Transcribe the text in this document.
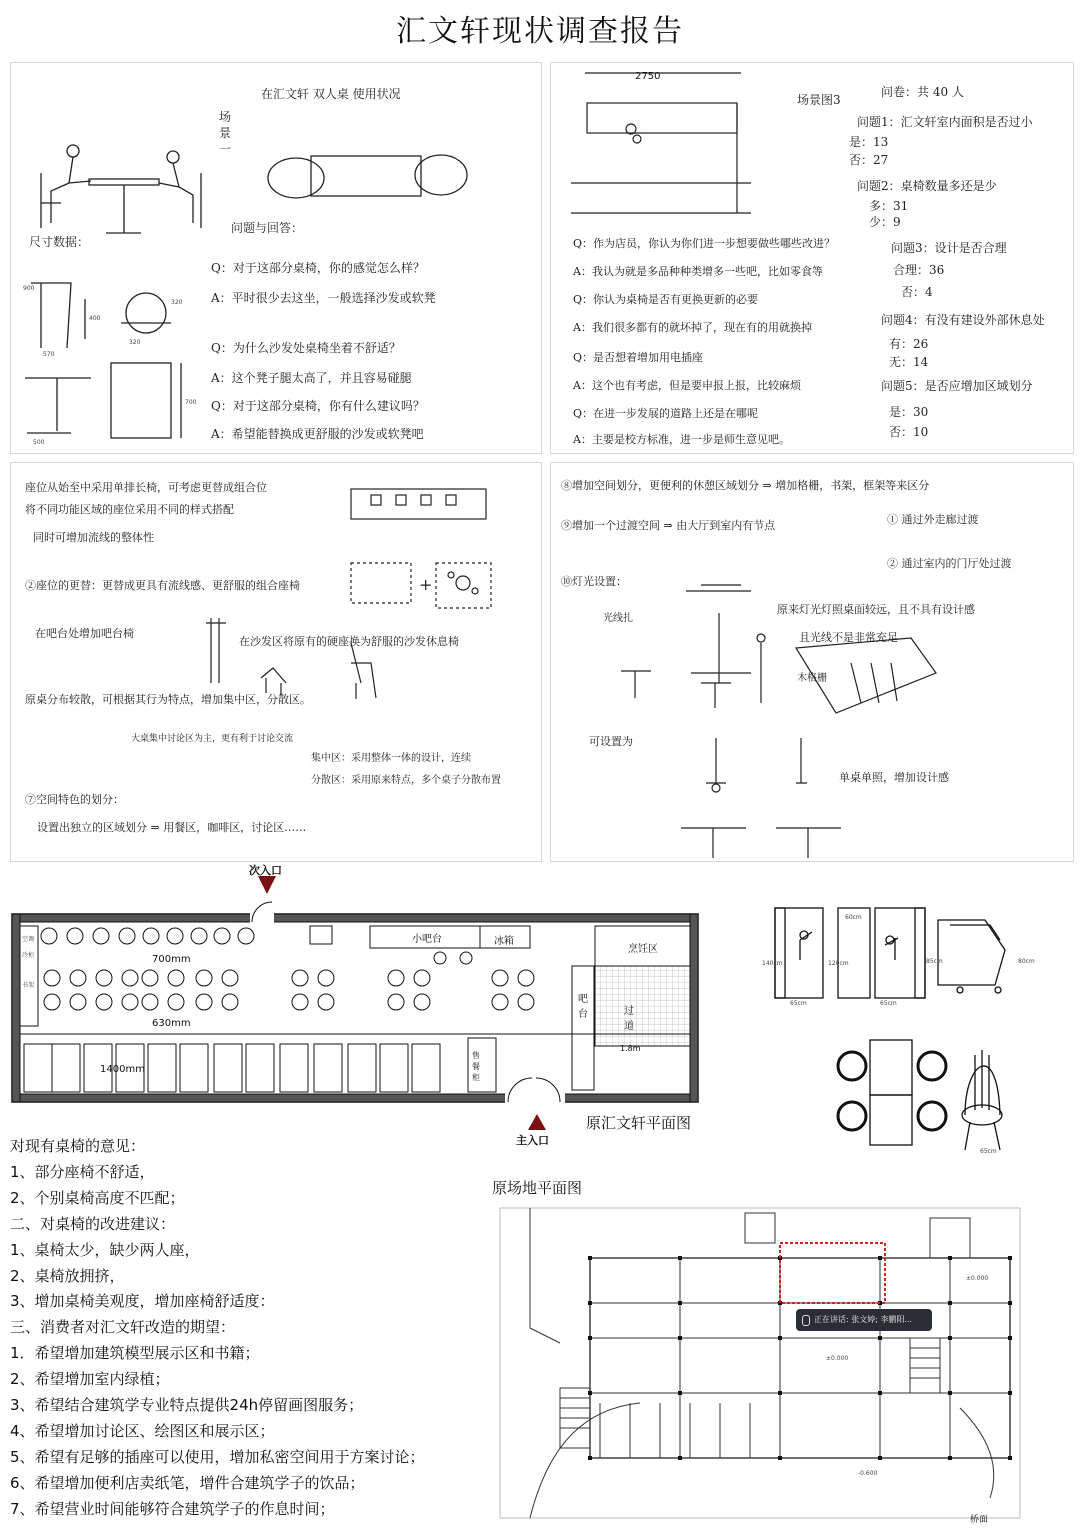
汇文轩现状调查报告
在汇文轩 双人桌 使用状况
场景一
尺寸数据：
问题与回答：
Q：对于这部分桌椅，你的感觉怎么样？
A：平时很少去这坐，一般选择沙发或软凳
Q：为什么沙发处桌椅坐着不舒适？
A：这个凳子腿太高了，并且容易碰腿
Q：对于这部分桌椅，你有什么建议吗？
A：希望能替换成更舒服的沙发或软凳吧
900
400
320
570
320
500
700
2750
场景图3
问卷：共 40 人
问题1：汇文轩室内面积是否过小
是：13
否：27
问题2：桌椅数量多还是少
多：31
少：9
问题3：设计是否合理
合理：36
否：4
问题4：有没有建设外部休息处
有：26
无：14
问题5：是否应增加区域划分
是：30
否：10
Q：作为店员，你认为你们进一步想要做些哪些改进？
A：我认为就是多品种种类增多一些吧，比如零食等
Q：你认为桌椅是否有更换更新的必要
A：我们很多都有的就坏掉了，现在有的用就换掉
Q：是否想着增加用电插座
A：这个也有考虑，但是要申报上报，比较麻烦
Q：在进一步发展的道路上还是在哪呢
A：主要是校方标准，进一步是师生意见吧。
座位从始至中采用单排长椅，可考虑更替成组合位
将不同功能区域的座位采用不同的样式搭配
同时可增加流线的整体性
②座位的更替：更替成更具有流线感、更舒服的组合座椅
在吧台处增加吧台椅
在沙发区将原有的硬座换为舒服的沙发休息椅
原桌分布较散，可根据其行为特点，增加集中区，分散区。
大桌集中讨论区为主，更有利于讨论交流
集中区：采用整体一体的设计，连续
分散区：采用原来特点，多个桌子分散布置
⑦空间特色的划分：
设置出独立的区域划分 ⇒ 用餐区，咖啡区，讨论区……
+
⑧增加空间划分，更便利的休憩区域划分 ⇒ 增加格栅，书架，框架等来区分
⑨增加一个过渡空间 ⇒ 由大厅到室内有节点	① 通过外走廊过渡
② 通过室内的门厅处过渡
⑩灯光设置：
光线扎
原来灯光灯照桌面较远，且不具有设计感
且光线不是非常充足
木格栅
可设置为
单桌单照，增加设计感
次入口
主入口
小吧台	冰箱
烹饪区
吧台	过道
售餐柜
700mm
630mm
1400mm
1.8m
空调
冷柜
书架
原汇文轩平面图
65cm
60cm
140cm	120cm
65cm
85cm	80cm
65cm
对现有桌椅的意见：
1、部分座椅不舒适，
2、个别桌椅高度不匹配；
二、对桌椅的改进建议：
1、桌椅太少，缺少两人座，
2、桌椅放拥挤，
3、增加桌椅美观度，增加座椅舒适度：
三、消费者对汇文轩改造的期望：
1．希望增加建筑模型展示区和书籍；
2、希望增加室内绿植；
3、希望结合建筑学专业特点提供24h停留画图服务；
4、希望增加讨论区、绘图区和展示区；
5、希望有足够的插座可以使用，增加私密空间用于方案讨论；
6、希望增加便利店卖纸笔，增件合建筑学子的饮品；
7、希望营业时间能够符合建筑学子的作息时间；
原场地平面图
±0.000
±0.000
-0.600
桥面
正在讲话: 张文婷; 李鹏阳...
